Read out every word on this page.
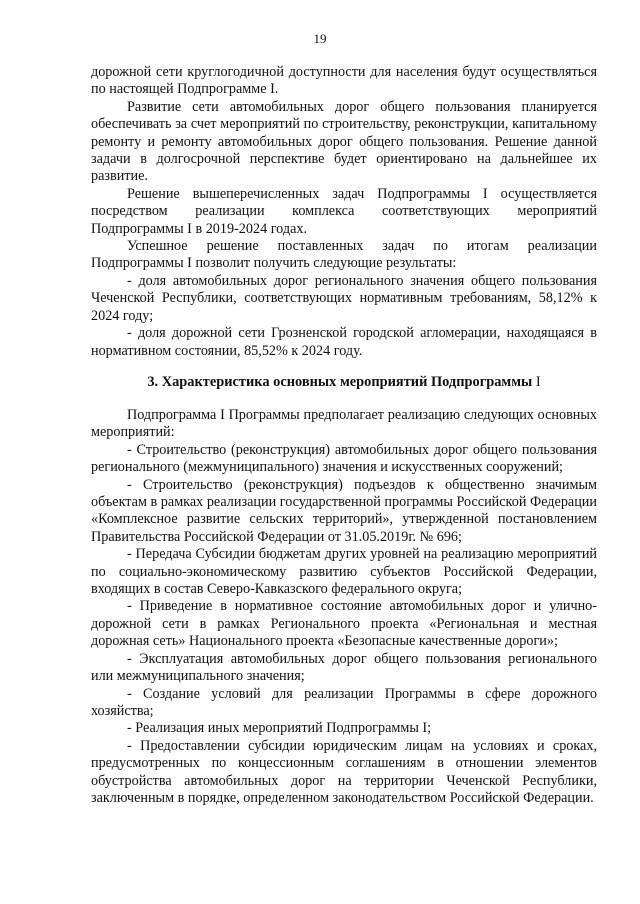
19

дорожной сети круглогодичной доступности для населения будут осуществляться по настоящей Подпрограмме I.

Развитие сети автомобильных дорог общего пользования планируется обеспечивать за счет мероприятий по строительству, реконструкции, капитальному ремонту и ремонту автомобильных дорог общего пользования. Решение данной задачи в долгосрочной перспективе будет ориентировано на дальнейшее их развитие.

Решение вышеперечисленных задач Подпрограммы I осуществляется посредством реализации комплекса соответствующих мероприятий Подпрограммы I в 2019-2024 годах.

Успешное решение поставленных задач по итогам реализации Подпрограммы I позволит получить следующие результаты:

- доля автомобильных дорог регионального значения общего пользования Чеченской Республики, соответствующих нормативным требованиям, 58,12% к 2024 году;

- доля дорожной сети Грозненской городской агломерации, находящаяся в нормативном состоянии, 85,52% к 2024 году.

3. Характеристика основных мероприятий Подпрограммы I

Подпрограмма I Программы предполагает реализацию следующих основных мероприятий:

- Строительство (реконструкция) автомобильных дорог общего пользования регионального (межмуниципального) значения и искусственных сооружений;

- Строительство (реконструкция) подъездов к общественно значимым объектам в рамках реализации государственной программы Российской Федерации «Комплексное развитие сельских территорий», утвержденной постановлением Правительства Российской Федерации от 31.05.2019г. № 696;

- Передача Субсидии бюджетам других уровней на реализацию мероприятий по социально-экономическому развитию субъектов Российской Федерации, входящих в состав Северо-Кавказского федерального округа;

- Приведение в нормативное состояние автомобильных дорог и улично-дорожной сети в рамках Регионального проекта «Региональная и местная дорожная сеть» Национального проекта «Безопасные качественные дороги»;

- Эксплуатация автомобильных дорог общего пользования регионального или межмуниципального значения;

- Создание условий для реализации Программы в сфере дорожного хозяйства;

- Реализация иных мероприятий Подпрограммы I;

- Предоставлении субсидии юридическим лицам на условиях и сроках, предусмотренных по концессионным соглашениям в отношении элементов обустройства автомобильных дорог на территории Чеченской Республики, заключенным в порядке, определенном законодательством Российской Федерации.
